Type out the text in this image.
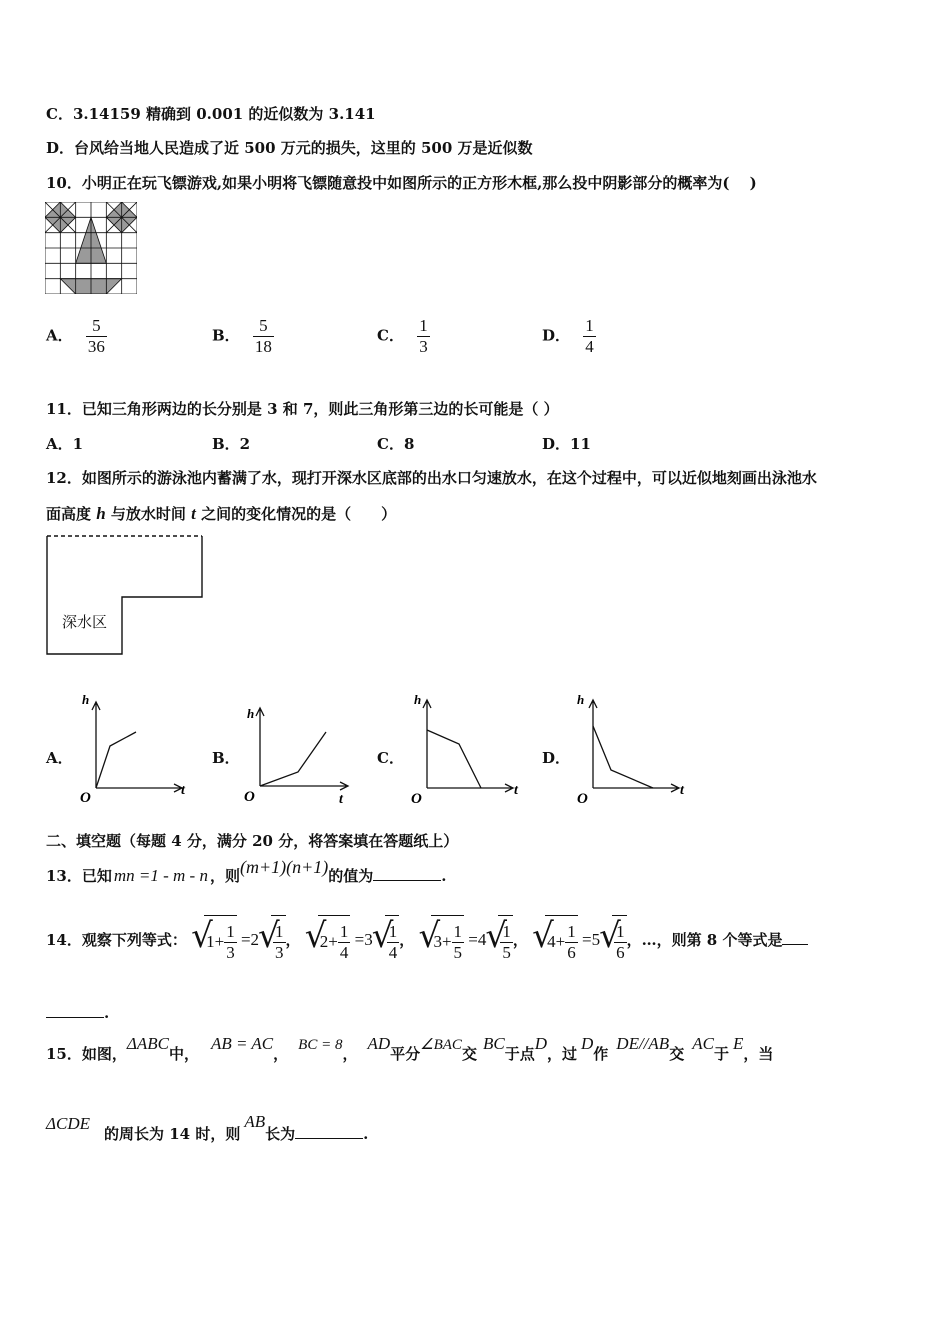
C．3.14159 精确到 0.001 的近似数为 3.141
D．台风给当地人民造成了近 500 万元的损失，这里的 500 万是近似数
10．小明正在玩飞镖游戏,如果小明将飞镖随意投中如图所示的正方形木框,那么投中阴影部分的概率为(　 )
A． $\frac{5}{36}$	B． $\frac{5}{18}$	C． $\frac{1}{3}$	D． $\frac{1}{4}$
11．已知三角形两边的长分别是 3 和 7，则此三角形第三边的长可能是（ ）
A．1	B．2	C．8	D．11
12．如图所示的游泳池内蓄满了水，现打开深水区底部的出水口匀速放水，在这个过程中，可以近似地刻画出泳池水
面高度 h 与放水时间 t 之间的变化情况的是（　　）
深水区
A．
h
O	t
B．
h
O	t
C．
h
O
t
D．
h
O
t
二、填空题（每题 4 分，满分 20 分，将答案填在答题纸上）
13．已知 mn =1 - m - n ，则(m+1)(n+1)的值为	.
14．观察下列等式： √ $1+ \frac{1}{3} =2$ √ $\frac{1}{3}$ ， √ $2+ \frac{1}{4} =3$ √ $\frac{1}{4}$ ， √ $3+ \frac{1}{5} =4$ √ $\frac{1}{5}$ ， √ $4+ \frac{1}{6} =5$ √ $\frac{1}{6}$ ，…，则第 8 个等式是
.
15．如图，ΔABC中，AB = AC， BC = 8，AD平分∠BAC交BC于点D，过D作DE//AB交AC于E，当
ΔCDE

的周长为 14 时，则AB长为	.
